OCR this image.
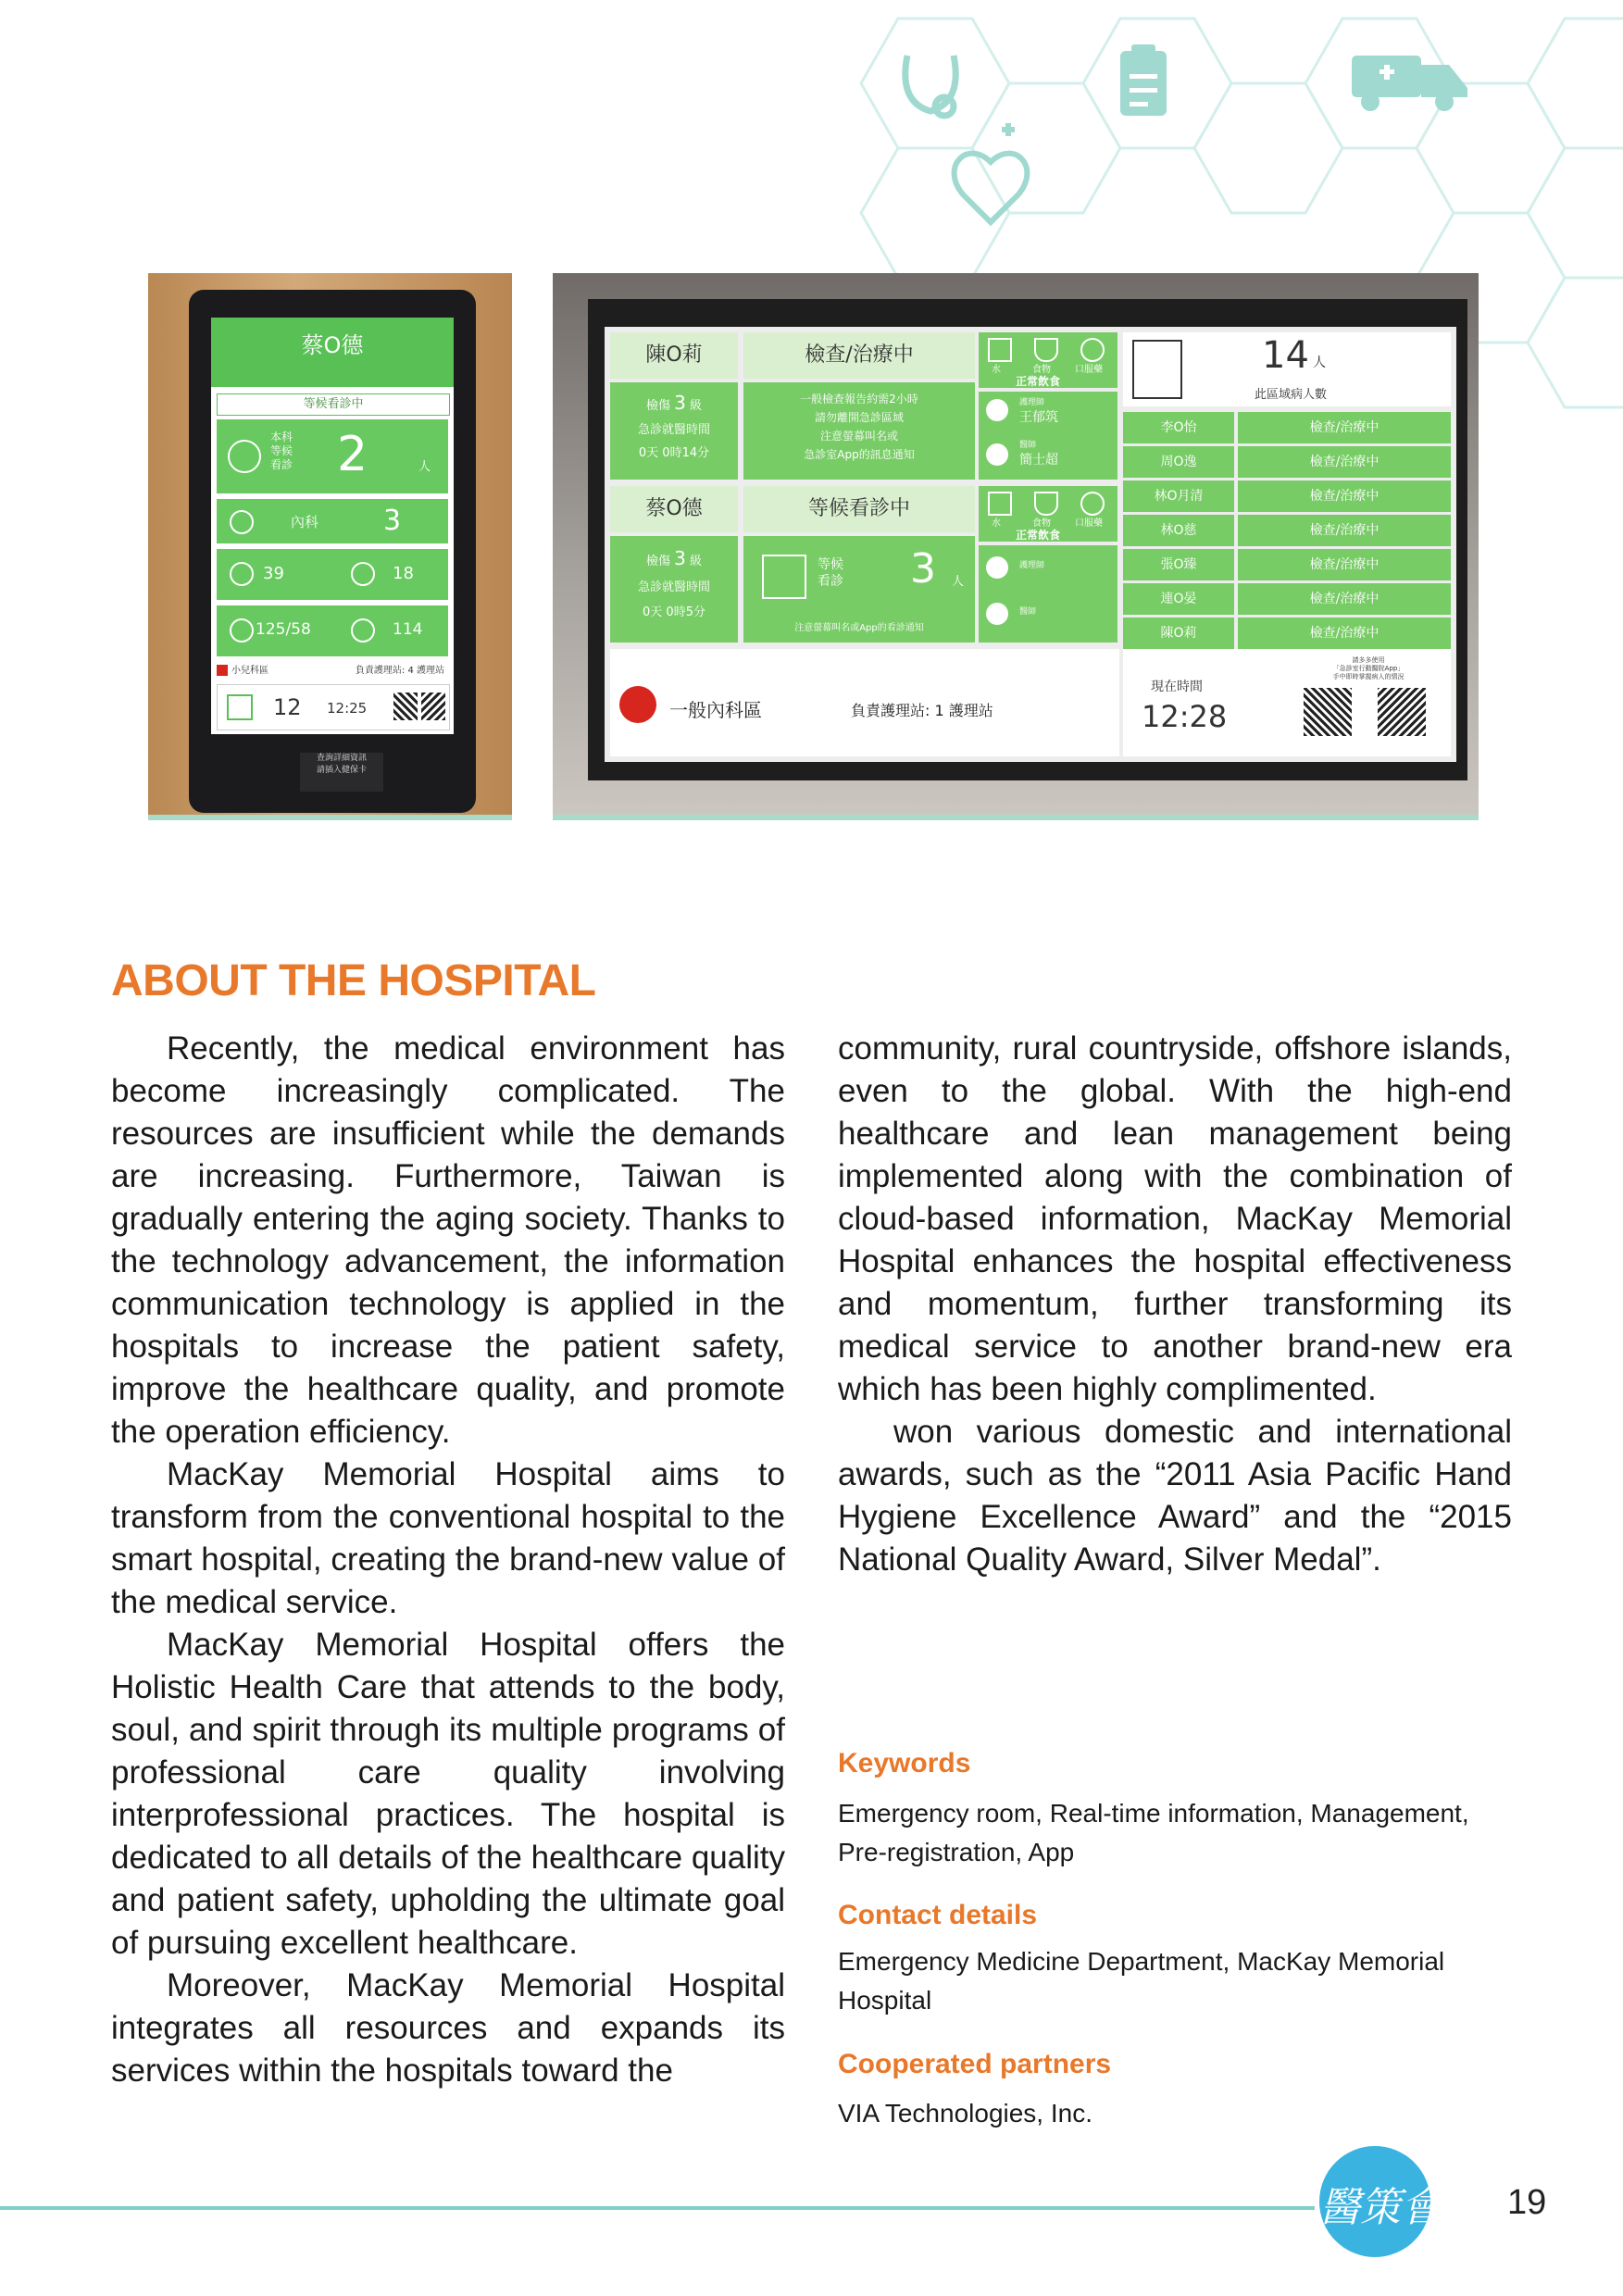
蔡O德
等候看診中
本科
等候
看診 2	人
內科 3
39	18
125/58	114
小兒科區	負責護理站: 4 護理站
12 12:25
查詢詳細資訊
請插入健保卡
陳O莉	檢查/治療中
檢傷 3 級
急診就醫時間
0天 0時14分
一般檢查報告約需2小時
請勿離開急診區域
注意螢幕叫名或
急診室App的訊息通知
水	食物	口服藥
正常飲食
護理師
王郁筑
醫師
簡士超
蔡O德	等候看診中
檢傷 3 級
急診就醫時間
0天 0時5分
等候
看診 3 人
注意螢幕叫名或App的看診通知
水	食物	口服藥
正常飲食
護理師
醫師
14 人
此區域病人數
李O怡	檢查/治療中
周O逸	檢查/治療中
林O月清	檢查/治療中
林O慈	檢查/治療中
張O臻	檢查/治療中
連O晏	檢查/治療中
陳O莉	檢查/治療中
一般內科區	負責護理站: 1 護理站
現在時間
12:28
請多多使用
「急診室行動醫院App」
手中即時掌握病人的情況
ABOUT THE HOSPITAL

Recently, the medical environment has become increasingly complicated. The resources are insufficient while the demands are increasing. Furthermore, Taiwan is gradually entering the aging society. Thanks to the technology advancement, the information communication technology is applied in the hospitals to increase the patient safety, improve the healthcare quality, and promote the operation efficiency.

MacKay Memorial Hospital aims to transform from the conventional hospital to the smart hospital, creating the brand-new value of the medical service.

MacKay Memorial Hospital offers the Holistic Health Care that attends to the body, soul, and spirit through its multiple programs of professional care quality involving interprofessional practices. The hospital is dedicated to all details of the healthcare quality and patient safety, upholding the ultimate goal of pursuing excellent healthcare.

Moreover, MacKay Memorial Hospital integrates all resources and expands its services within the hospitals toward the

community, rural countryside, offshore islands, even to the global. With the high-end healthcare and lean management being implemented along with the combination of cloud-based information, MacKay Memorial Hospital enhances the hospital effectiveness and momentum, further transforming its medical service to another brand-new era which has been highly complimented.

won various domestic and international awards, such as the “2011 Asia Pacific Hand Hygiene Excellence Award” and the “2015 National Quality Award, Silver Medal”.

Keywords
Emergency room, Real-time information, Management, Pre-registration, App
Contact details
Emergency Medicine Department, MacKay Memorial Hospital
Cooperated partners
VIA Technologies, Inc.
醫策會	19
